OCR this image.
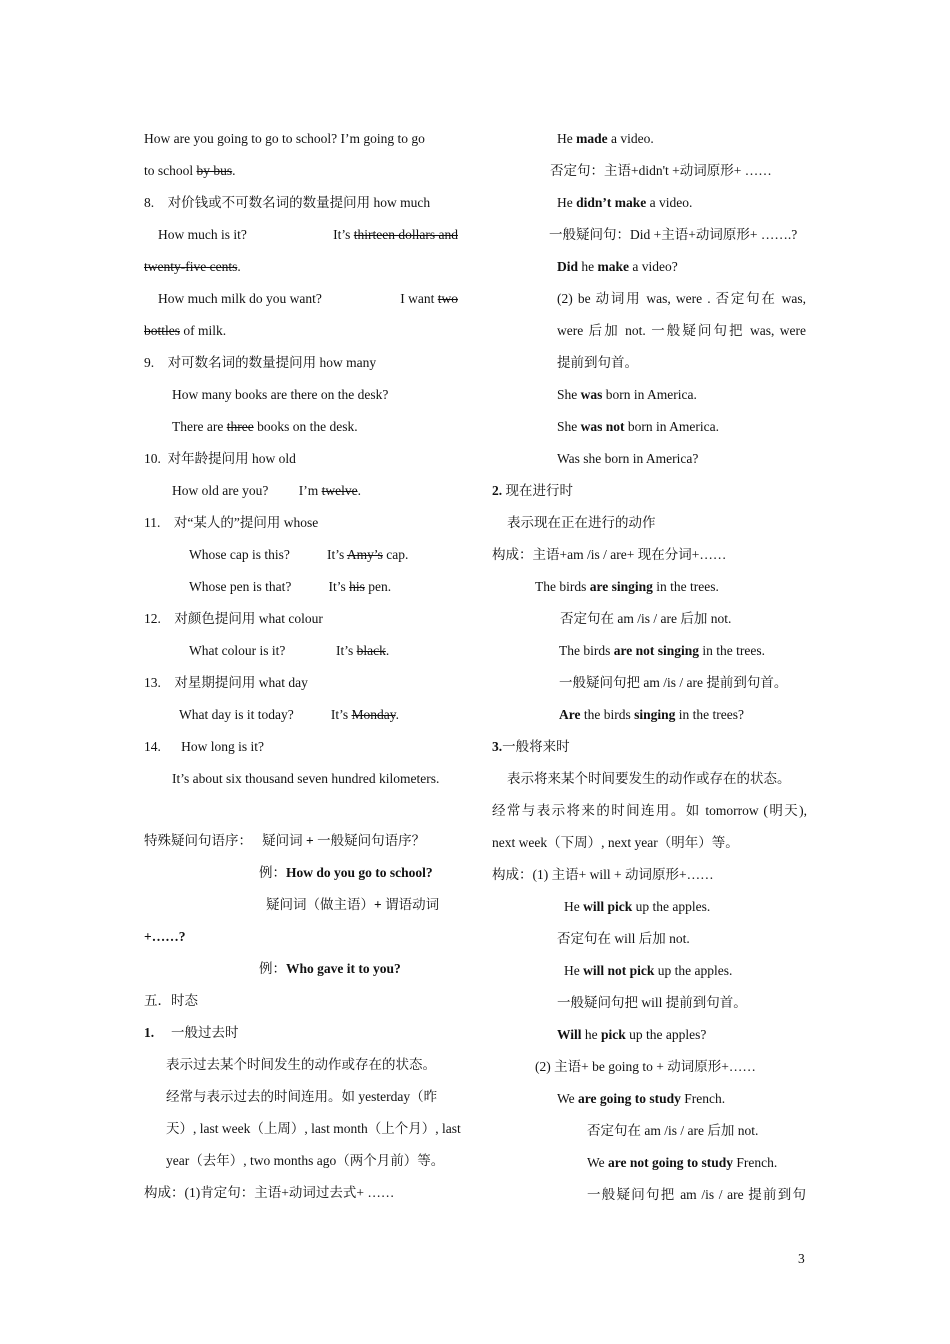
How are you going to go to school? I’m going to go
to school by bus.
8.    对价钱或不可数名词的数量提问用 how much
How much is it?	It’s thirteen dollars and
twenty-five cents.
How much milk do you want?	I want two
bottles of milk.
9.    对可数名词的数量提问用 how many
How many books are there on the desk?
There are three books on the desk.
10.  对年龄提问用 how old
How old are you?         I’m twelve.
11.    对“某人的”提问用 whose
Whose cap is this?           It’s Amy’s cap.
Whose pen is that?           It’s his pen.
12.    对颜色提问用 what colour
What colour is it?               It’s black.
13.    对星期提问用 what day
What day is it today?           It’s Monday.
14.      How long is it?
It’s about six thousand seven hundred kilometers.
特殊疑问句语序：   疑问词 + 一般疑问句语序？
例：How do you go to school?
疑问词（做主语）+ 谓语动词
+……?
例：Who gave it to you?
五．时态
1.     一般过去时
表示过去某个时间发生的动作或存在的状态。
经常与表示过去的时间连用。如 yesterday（昨
天）, last week（上周）, last month（上个月）, last
year（去年）, two months ago（两个月前）等。
构成：(1)肯定句：主语+动词过去式+ ……
He made a video.
否定句：主语+didn't +动词原形+ ……
He didn’t make a video.
一般疑问句：Did +主语+动词原形+ …….?
Did he make a video?
(2) be 动词用 was, were . 否定句在 was,
were 后加 not. 一般疑问句把 was, were
提前到句首。
She was born in America.
She was not born in America.
Was she born in America?
2. 现在进行时
表示现在正在进行的动作
构成：主语+am /is / are+ 现在分词+……
The birds are singing in the trees.
否定句在 am /is / are 后加 not.
The birds are not singing in the trees.
一般疑问句把 am /is / are 提前到句首。
Are the birds singing in the trees?
3.一般将来时
表示将来某个时间要发生的动作或存在的状态。
经常与表示将来的时间连用。如 tomorrow (明天),
next week（下周）, next year（明年）等。
构成：(1) 主语+ will + 动词原形+……
He will pick up the apples.
否定句在 will 后加 not.
He will not pick up the apples.
一般疑问句把 will 提前到句首。
Will he pick up the apples?
(2) 主语+ be going to + 动词原形+……
We are going to study French.
否定句在 am /is / are 后加 not.
We are not going to study French.
一般疑问句把 am /is / are 提前到句
3
